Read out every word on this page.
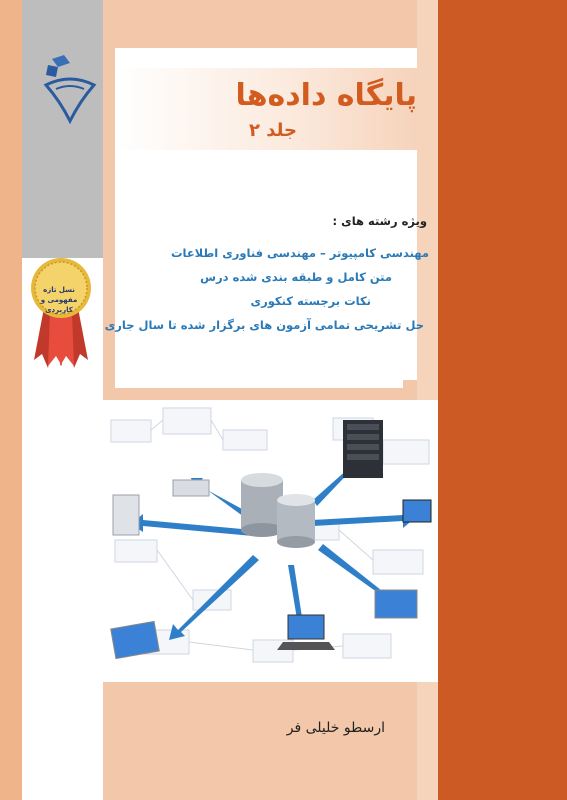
پایگاه داده‌ها
جلد ۲
ویژه رشته های :
مهندسی کامپیوتر – مهندسی فناوری اطلاعات
متن کامل و طبقه بندی شده درس
نکات برجسته کنکوری
حل تشریحی تمامی آزمون های برگزار شده تا سال جاری
نسل تازه
مفهومی و کاربردی
ارسطو خلیلی فر
